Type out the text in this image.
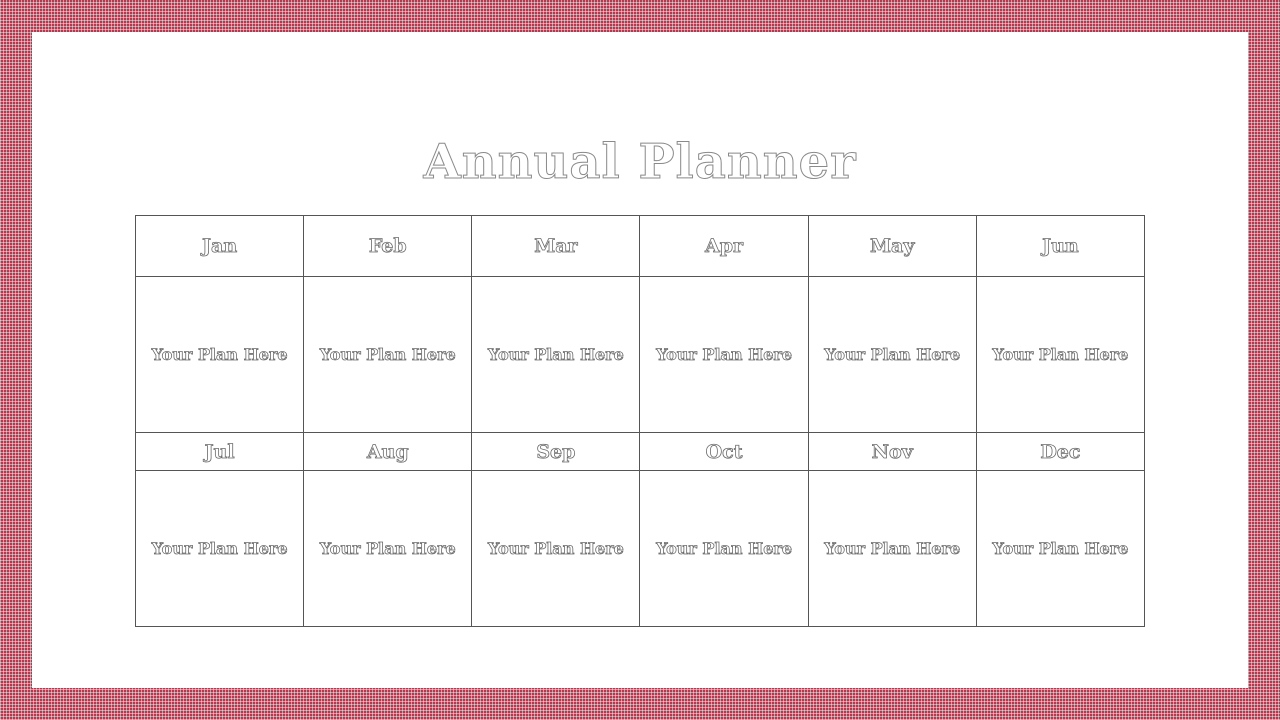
Annual Planner
Jan	Feb	Mar	Apr	May	Jun
Your Plan Here	Your Plan Here	Your Plan Here	Your Plan Here	Your Plan Here	Your Plan Here
Jul	Aug	Sep	Oct	Nov	Dec
Your Plan Here	Your Plan Here	Your Plan Here	Your Plan Here	Your Plan Here	Your Plan Here
